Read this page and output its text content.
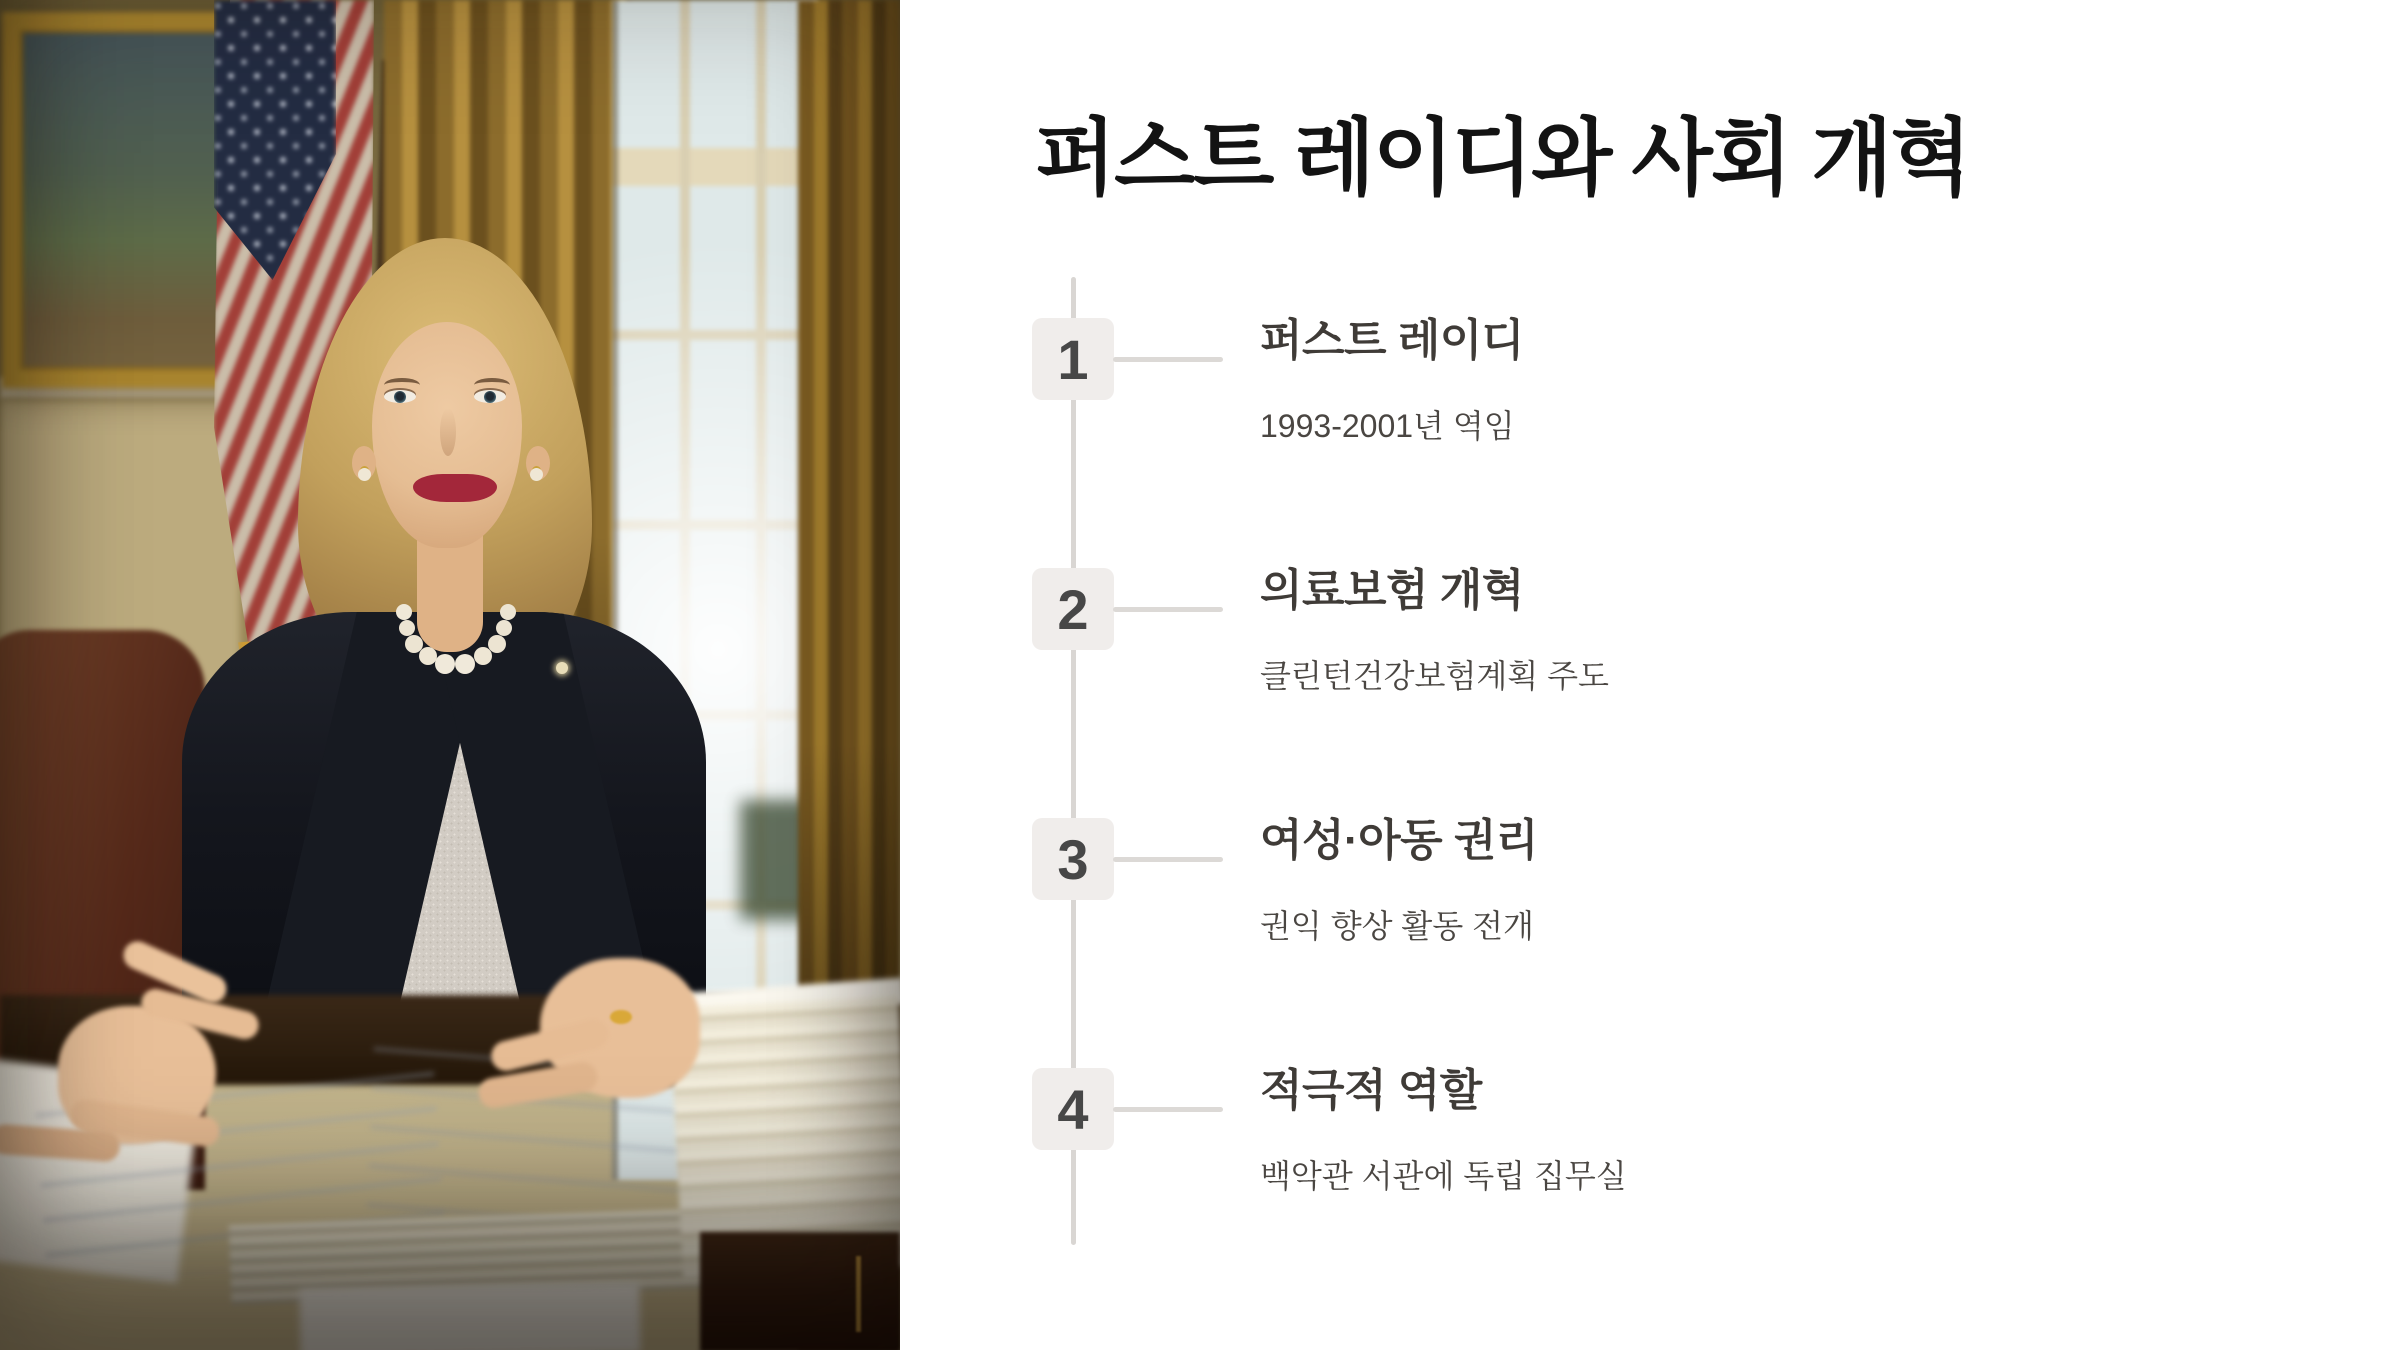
퍼스트 레이디와 사회 개혁
1	퍼스트 레이디
1993-2001년 역임
2	의료보험 개혁
클린턴건강보험계획 주도
3	여성·아동 권리
권익 향상 활동 전개
4	적극적 역할
백악관 서관에 독립 집무실
